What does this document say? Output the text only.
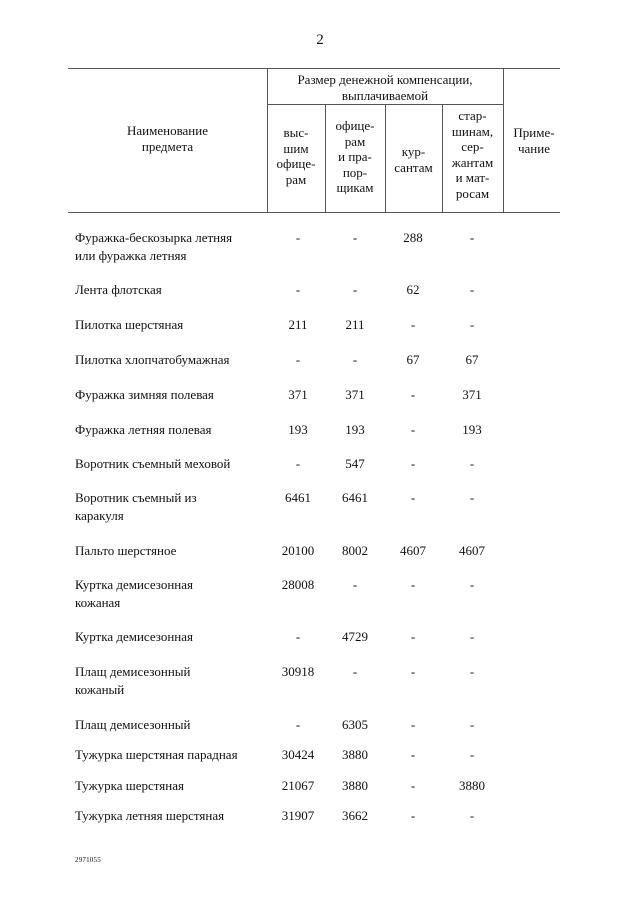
2
Наименование
предмета
Размер денежной компенсации,
выплачиваемой
выс-
шим
офице-
рам
офице-
рам
и пра-
пор-
щикам
кур-
сантам
стар-
шинам,
сер-
жантам
и мат-
росам
Приме-
чание
Фуражка-бескозырка летняя
или фуражка летняя
-	-	288	-
Лента флотская	-	-	62	-
Пилотка шерстяная	211	211	-	-
Пилотка хлопчатобумажная	-	-	67	67
Фуражка зимняя полевая	371	371	-	371
Фуражка летняя полевая	193	193	-	193
Воротник съемный меховой	-	547	-	-
Воротник съемный из
каракуля
6461	6461	-	-
Пальто шерстяное	20100	8002	4607	4607
Куртка демисезонная
кожаная
28008	-	-	-
Куртка демисезонная	-	4729	-	-
Плащ демисезонный
кожаный
30918	-	-	-
Плащ демисезонный	-	6305	-	-
Тужурка шерстяная парадная	30424	3880	-	-
Тужурка шерстяная	21067	3880	-	3880
Тужурка летняя шерстяная	31907	3662	-	-
2971055
